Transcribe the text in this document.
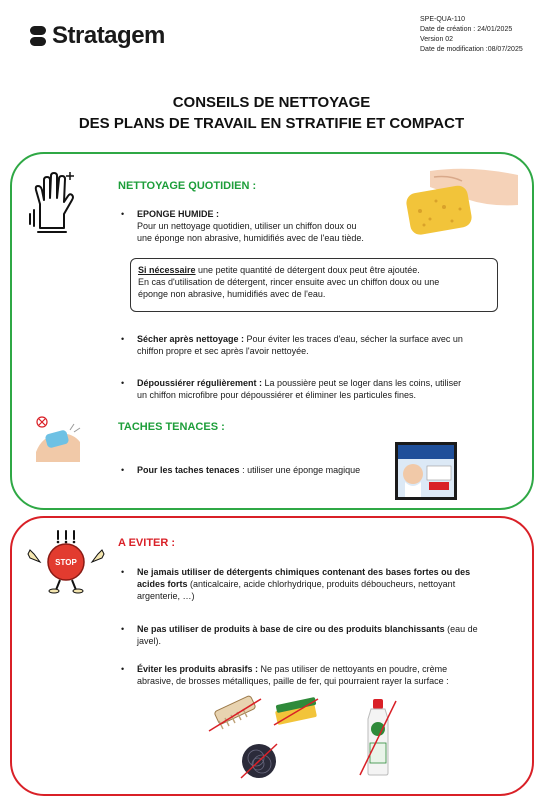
Stratagem
SPE-QUA-110
Date de création : 24/01/2025
Version 02
Date de modification :08/07/2025
CONSEILS DE NETTOYAGE
DES PLANS DE TRAVAIL EN STRATIFIE ET COMPACT
NETTOYAGE QUOTIDIEN :
• EPONGE HUMIDE :
Pour un nettoyage quotidien, utiliser un chiffon doux ou
une éponge non abrasive, humidifiés avec de l'eau tiède.
Si nécessaire une petite quantité de détergent doux peut être ajoutée.
En cas d'utilisation de détergent, rincer ensuite avec un chiffon doux ou une
éponge non abrasive, humidifiés avec de l'eau.
• Sécher après nettoyage : Pour éviter les traces d'eau, sécher la surface avec un
chiffon propre et sec après l'avoir nettoyée.
• Dépoussiérer régulièrement : La poussière peut se loger dans les coins, utiliser
un chiffon microfibre pour dépoussiérer et éliminer les particules fines.
TACHES TENACES :
• Pour les taches tenaces : utiliser une éponge magique
STOP
A EVITER :
• Ne jamais utiliser de détergents chimiques contenant des bases fortes ou des
acides forts (anticalcaire, acide chlorhydrique, produits déboucheurs, nettoyant
argenterie, …)
• Ne pas utiliser de produits à base de cire ou des produits blanchissants (eau de
javel).
• Éviter les produits abrasifs : Ne pas utiliser de nettoyants en poudre, crème
abrasive, de brosses métalliques, paille de fer, qui pourraient rayer la surface :
